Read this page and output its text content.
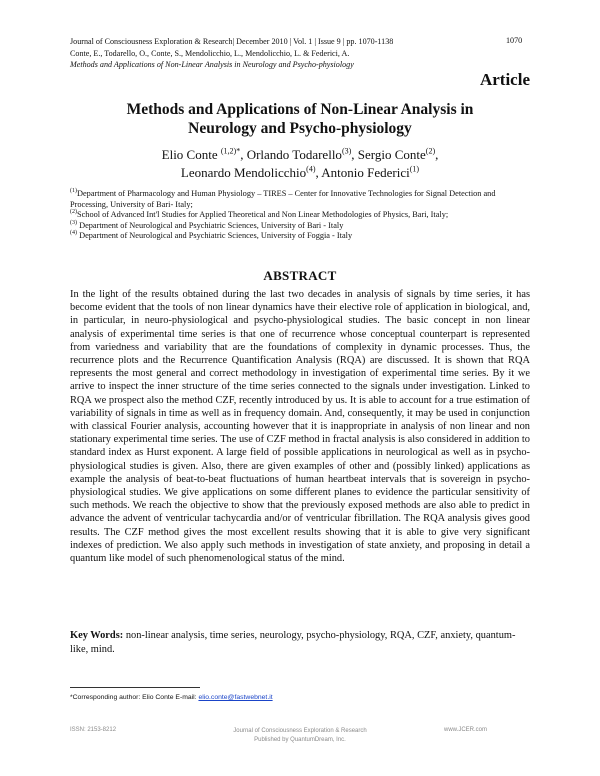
Journal of Consciousness Exploration & Research| December 2010 | Vol. 1 | Issue 9 | pp. 1070-1138
Conte, E., Todarello, O., Conte, S., Mendolicchio, L., Mendolicchio, L. & Federici, A.
Methods and Applications of Non-Linear Analysis in Neurology and Psycho-physiology
1070
Article
Methods and Applications of Non-Linear Analysis in
Neurology and Psycho-physiology
Elio Conte $^{(1,2)*}$, Orlando Todarello$^{(3)}$, Sergio Conte$^{(2)}$,
Leonardo Mendolicchio$^{(4)}$, Antonio Federici$^{(1)}$

$^{(1)}$Department of Pharmacology and Human Physiology – TIRES – Center for Innovative Technologies for Signal Detection and Processing, University of Bari- Italy;

$^{(2)}$School of Advanced Int'l Studies for Applied Theoretical and Non Linear Methodologies of Physics, Bari, Italy;

$^{(3)}$ Department of Neurological and Psychiatric Sciences, University of Bari - Italy

$^{(4)}$ Department of Neurological and Psychiatric Sciences, University of Foggia - Italy

ABSTRACT
In the light of the results obtained during the last two decades in analysis of signals by time series, it has become evident that the tools of non linear dynamics have their elective role of application in biological, and, in particular, in neuro-physiological and psycho-physiological studies. The basic concept in non linear analysis of experimental time series is that one of recurrence whose conceptual counterpart is represented from variedness and variability that are the foundations of complexity in dynamic processes. Thus, the recurrence plots and the Recurrence Quantification Analysis (RQA) are discussed. It is shown that RQA represents the most general and correct methodology in investigation of experimental time series. By it we arrive to inspect the inner structure of the time series connected to the signals under investigation. Linked to RQA we prospect also the method CZF, recently introduced by us. It is able to account for a true estimation of variability of signals in time as well as in frequency domain. And, consequently, it may be used in conjunction with classical Fourier analysis, accounting however that it is inappropriate in analysis of non linear and non stationary experimental time series. The use of CZF method in fractal analysis is also considered in addition to standard index as Hurst exponent. A large field of possible applications in neurological as well as in psycho-physiological studies is given. Also, there are given examples of other and (possibly linked) applications as example the analysis of beat-to-beat fluctuations of human heartbeat intervals that is sovereign in psycho-physiological studies. We give applications on some different planes to evidence the particular sensitivity of such methods. We reach the objective to show that the previously exposed methods are also able to predict in advance the advent of ventricular tachycardia and/or of ventricular fibrillation. The RQA analysis gives good results. The CZF method gives the most excellent results showing that it is able to give very significant indexes of prediction. We also apply such methods in investigation of state anxiety, and proposing in detail a quantum like model of such phenomenological status of the mind.
Key Words: non-linear analysis, time series, neurology, psycho-physiology, RQA, CZF, anxiety, quantum-like, mind.
*Corresponding author: Elio Conte E-mail: elio.conte@fastwebnet.it
ISSN: 2153-8212	Journal of Consciousness Exploration & Research
Published by QuantumDream, Inc.
www.JCER.com
